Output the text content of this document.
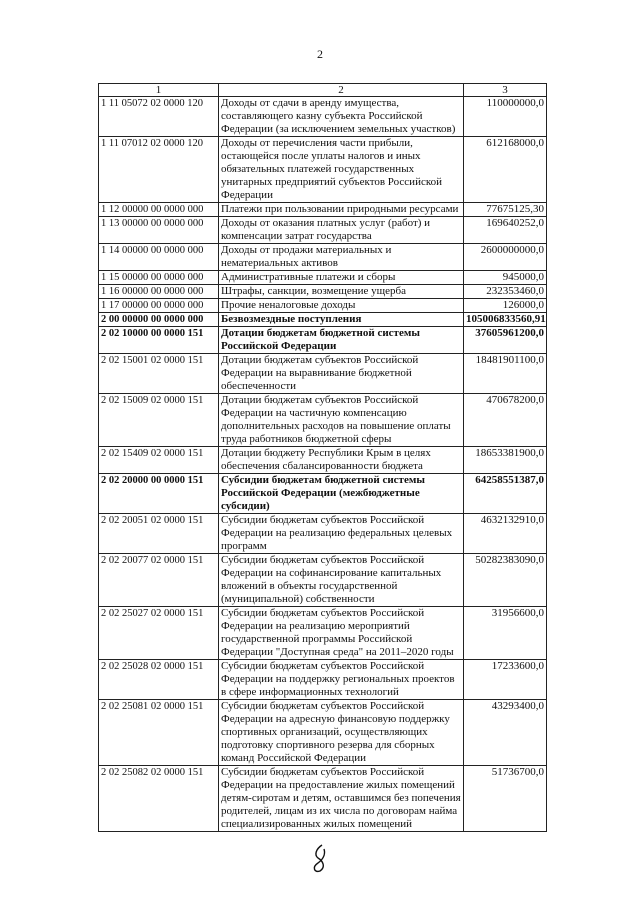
2
1	2	3
1 11 05072 02 0000 120	Доходы от сдачи в аренду имущества, составляющего казну субъекта Российской Федерации (за исключением земельных участков)	110000000,0
1 11 07012 02 0000 120	Доходы от перечисления части прибыли, остающейся после уплаты налогов и иных обязательных платежей государственных унитарных предприятий субъектов Российской Федерации	612168000,0
1 12 00000 00 0000 000	Платежи при пользовании природными ресурсами	77675125,30
1 13 00000 00 0000 000	Доходы от оказания платных услуг (работ) и компенсации затрат государства	169640252,0
1 14 00000 00 0000 000	Доходы от продажи материальных и нематериальных активов	2600000000,0
1 15 00000 00 0000 000	Административные платежи и сборы	945000,0
1 16 00000 00 0000 000	Штрафы, санкции, возмещение ущерба	232353460,0
1 17 00000 00 0000 000	Прочие неналоговые доходы	126000,0
2 00 00000 00 0000 000	Безвозмездные поступления	105006833560,91
2 02 10000 00 0000 151	Дотации бюджетам бюджетной системы Российской Федерации	37605961200,0
2 02 15001 02 0000 151	Дотации бюджетам субъектов Российской Федерации на выравнивание бюджетной обеспеченности	18481901100,0
2 02 15009 02 0000 151	Дотации бюджетам субъектов Российской Федерации на частичную компенсацию дополнительных расходов на повышение оплаты труда работников бюджетной сферы	470678200,0
2 02 15409 02 0000 151	Дотации бюджету Республики Крым в целях обеспечения сбалансированности бюджета	18653381900,0
2 02 20000 00 0000 151	Субсидии бюджетам бюджетной системы Российской Федерации (межбюджетные субсидии)	64258551387,0
2 02 20051 02 0000 151	Субсидии бюджетам субъектов Российской Федерации на реализацию федеральных целевых программ	4632132910,0
2 02 20077 02 0000 151	Субсидии бюджетам субъектов Российской Федерации на софинансирование капитальных вложений в объекты государственной (муниципальной) собственности	50282383090,0
2 02 25027 02 0000 151	Субсидии бюджетам субъектов Российской Федерации на реализацию мероприятий государственной программы Российской Федерации "Доступная среда" на 2011–2020 годы	31956600,0
2 02 25028 02 0000 151	Субсидии бюджетам субъектов Российской Федерации на поддержку региональных проектов в сфере информационных технологий	17233600,0
2 02 25081 02 0000 151	Субсидии бюджетам субъектов Российской Федерации на адресную финансовую поддержку спортивных организаций, осуществляющих подготовку спортивного резерва для сборных команд Российской Федерации	43293400,0
2 02 25082 02 0000 151	Субсидии бюджетам субъектов Российской Федерации на предоставление жилых помещений детям-сиротам и детям, оставшимся без попечения родителей, лицам из их числа по договорам найма специализированных жилых помещений	51736700,0
